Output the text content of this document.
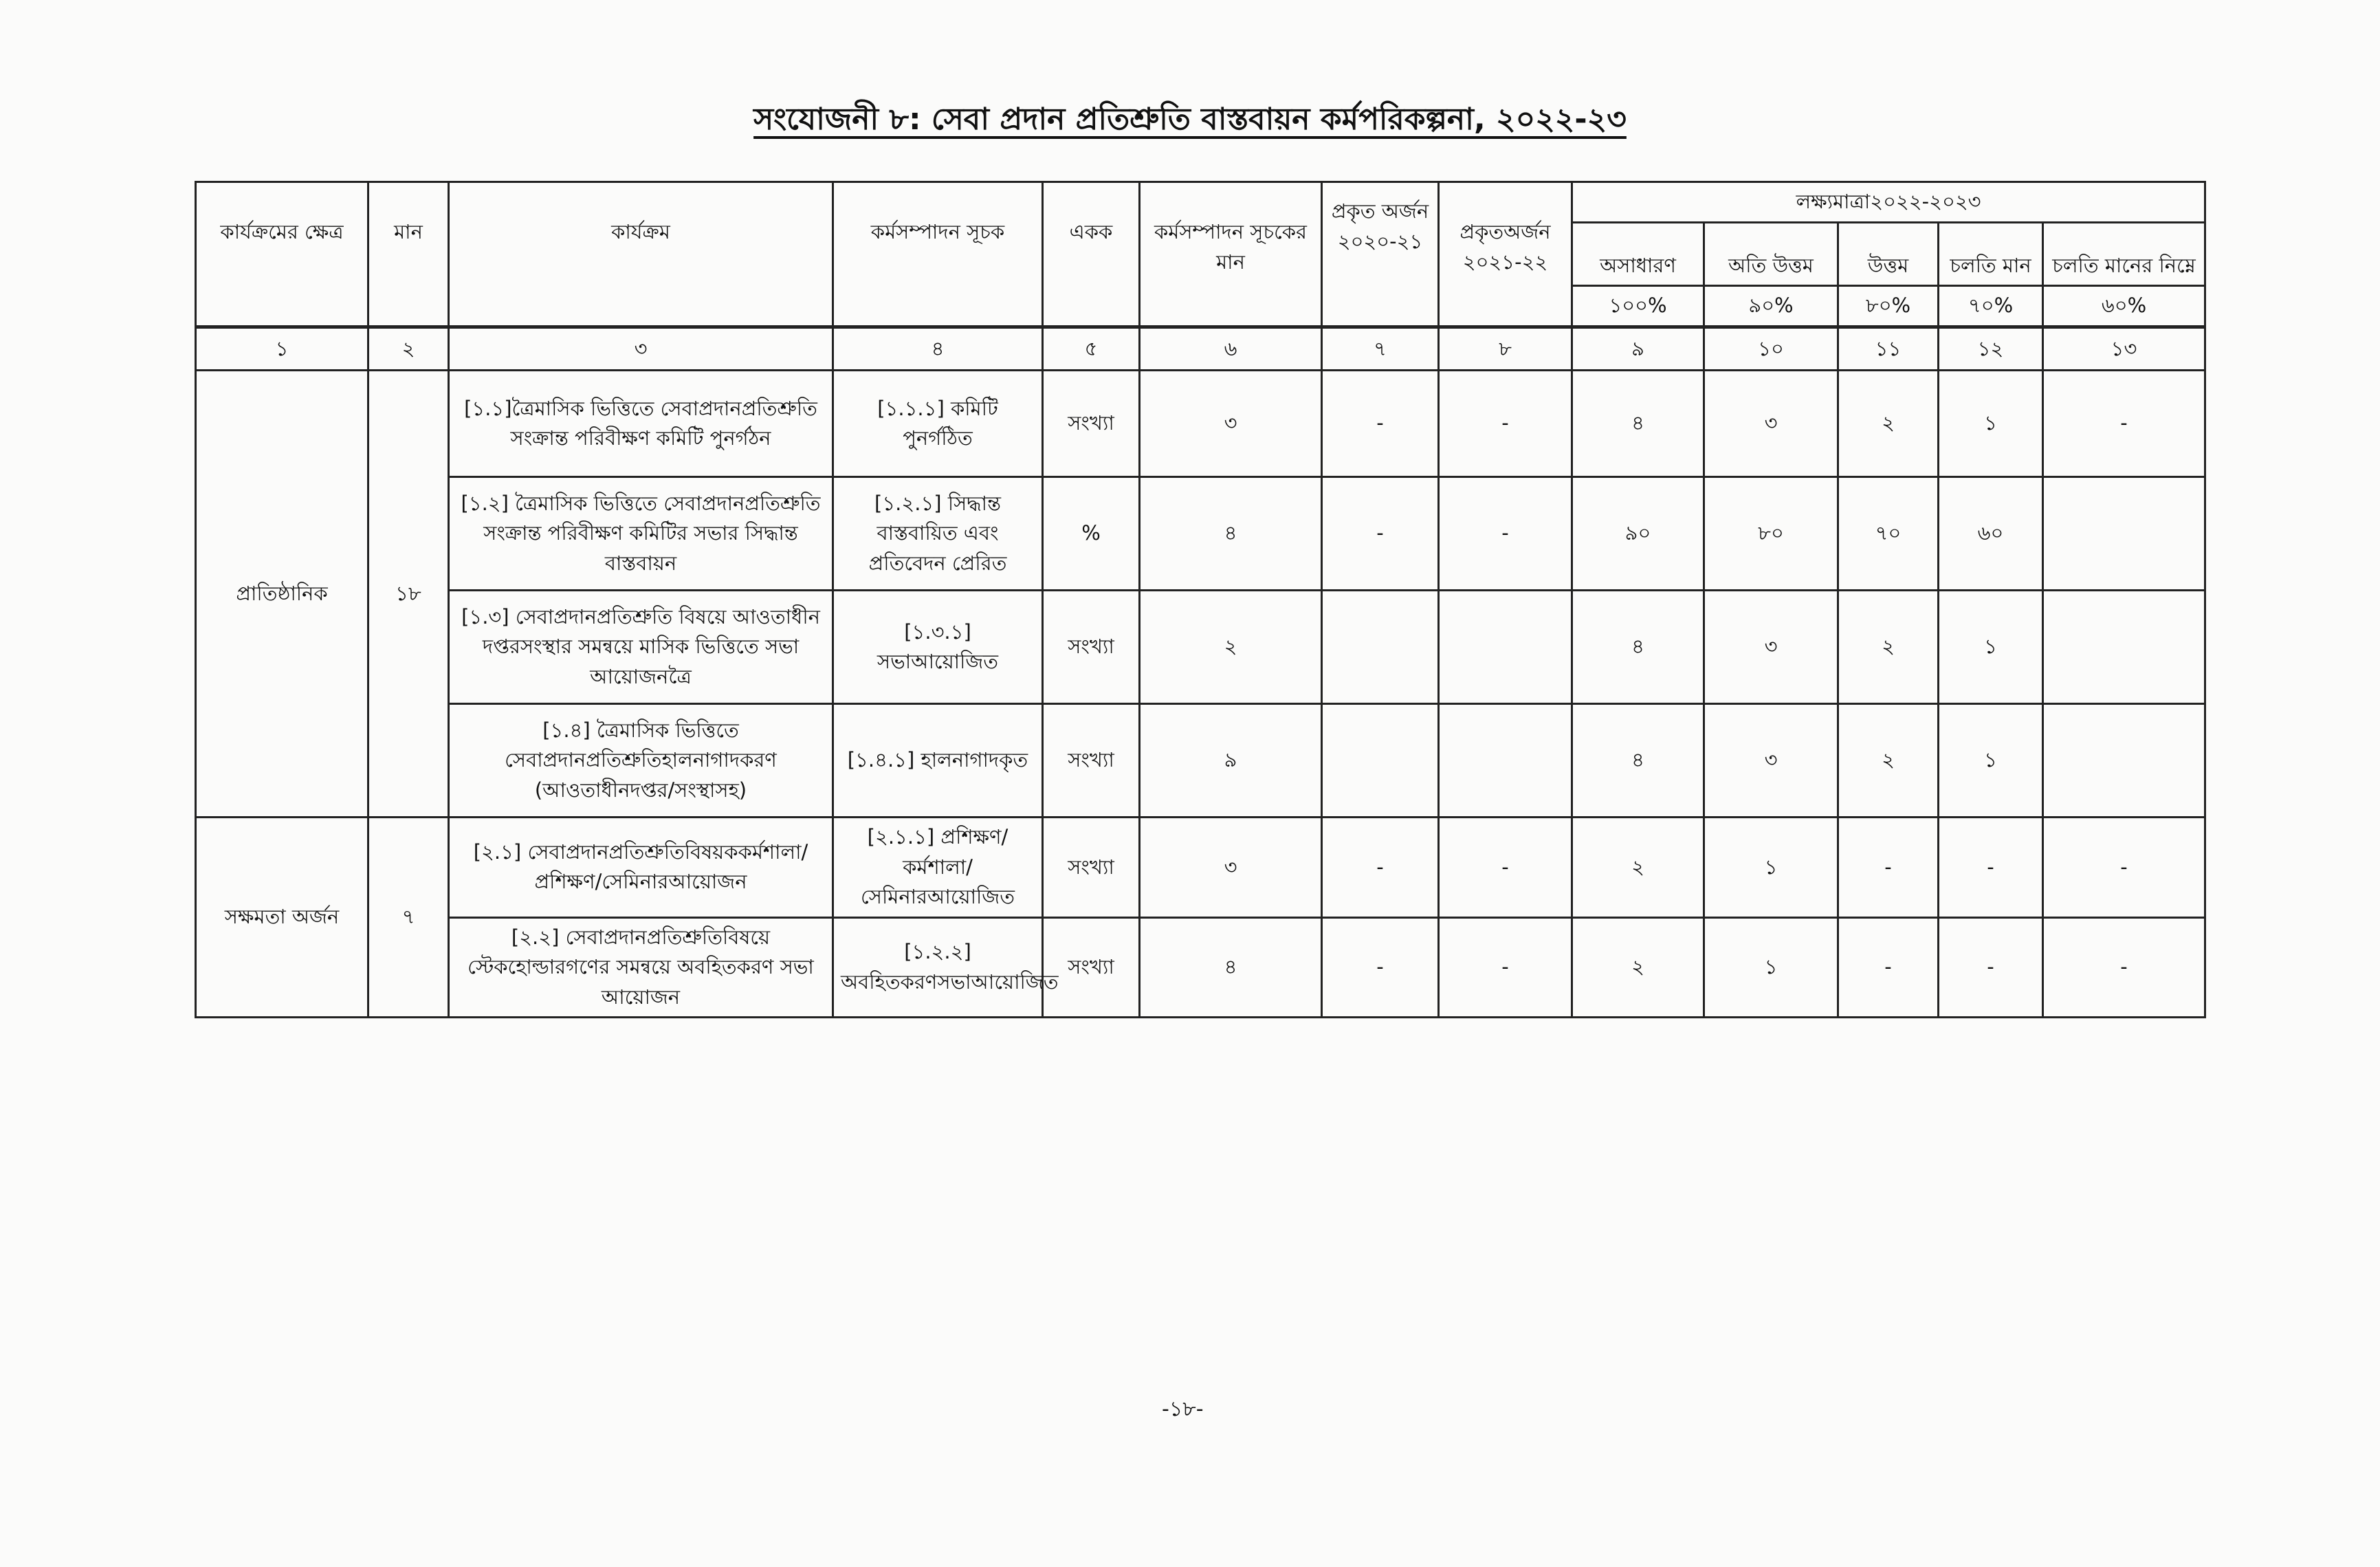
সংযোজনী ৮: সেবা প্রদান প্রতিশ্রুতি বাস্তবায়ন কর্মপরিকল্পনা, ২০২২-২৩
কার্যক্রমের ক্ষেত্র	মান	কার্যক্রম	কর্মসম্পাদন সূচক	একক	কর্মসম্পাদন সূচকের মান	প্রকৃত অর্জন ২০২০-২১	প্রকৃতঅর্জন ২০২১-২২	লক্ষ্যমাত্রা২০২২-২০২৩				
								অসাধারণ	অতি উত্তম	উত্তম	চলতি মান	চলতি মানের নিম্নে
								১০০%	৯০%	৮০%	৭০%	৬০%
১	২	৩	৪	৫	৬	৭	৮	৯	১০	১১	১২	১৩
প্রাতিষ্ঠানিক	১৮	[১.১]ত্রৈমাসিক ভিত্তিতে সেবাপ্রদানপ্রতিশ্রুতি সংক্রান্ত পরিবীক্ষণ কমিটি পুনর্গঠন	[১.১.১] কমিটি পুনর্গঠিত	সংখ্যা	৩	-	-	৪	৩	২	১	-
		[১.২] ত্রৈমাসিক ভিত্তিতে সেবাপ্রদানপ্রতিশ্রুতি সংক্রান্ত পরিবীক্ষণ কমিটির সভার সিদ্ধান্ত বাস্তবায়ন	[১.২.১] সিদ্ধান্ত বাস্তবায়িত এবং প্রতিবেদন প্রেরিত	%	৪	-	-	৯০	৮০	৭০	৬০	
		[১.৩] সেবাপ্রদানপ্রতিশ্রুতি বিষয়ে আওতাধীন দপ্তরসংস্থার সমন্বয়ে মাসিক ভিত্তিতে সভা আয়োজনত্রৈ	[১.৩.১] সভাআয়োজিত	সংখ্যা	২			৪	৩	২	১	
		[১.৪] ত্রৈমাসিক ভিত্তিতে সেবাপ্রদানপ্রতিশ্রুতিহালনাগাদকরণ (আওতাধীনদপ্তর/সংস্থাসহ)	[১.৪.১] হালনাগাদকৃত	সংখ্যা	৯			৪	৩	২	১	
সক্ষমতা অর্জন	৭	[২.১] সেবাপ্রদানপ্রতিশ্রুতিবিষয়ককর্মশালা/প্রশিক্ষণ/সেমিনারআয়োজন	[২.১.১] প্রশিক্ষণ/কর্মশালা/ সেমিনারআয়োজিত	সংখ্যা	৩	-	-	২	১	-	-	-
		[২.২] সেবাপ্রদানপ্রতিশ্রুতিবিষয়ে স্টেকহোল্ডারগণের সমন্বয়ে অবহিতকরণ সভা আয়োজন	[১.২.২] অবহিতকরণসভাআয়োজিত	সংখ্যা	৪	-	-	২	১	-	-	-
-১৮-
